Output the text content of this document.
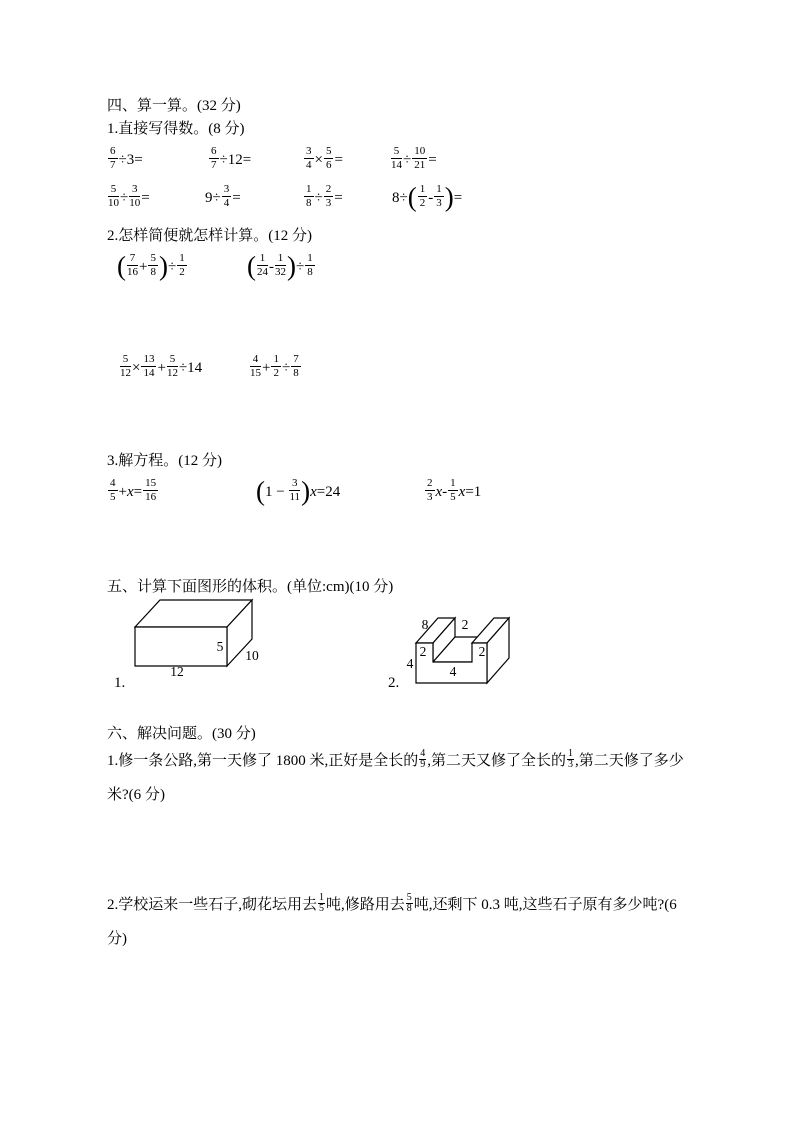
四、算一算。(32 分)
1.直接写得数。(8 分)
$\frac{6}{7} \div 3=$	$\frac{6}{7} \div 12=$	$\frac{3}{4} \times \frac{5}{6}$ =	$\frac{5}{14} \div \frac{10}{21}$ =
$\frac{5}{10} \div \frac{3}{10}$ =	$9\div \frac{3}{4}$ =	$\frac{1}{8} \div \frac{2}{3}$ =	$8\div( \frac{1}{2} - \frac{1}{3}$ )=
2.怎样简便就怎样计算。(12 分)
( $\frac{7}{16} + \frac{5}{8}$ )÷ $\frac{1}{2}$ ( $\frac{1}{24} - \frac{1}{32}$ )÷ $\frac{1}{8}$
$\frac{5}{12} \times \frac{13}{14} + \frac{5}{12} \div 14$	$\frac{4}{15} + \frac{1}{2} \div \frac{7}{8}$
3.解方程。(12 分)
$\frac{4}{5} +x= \frac{15}{16}$	$(1 - \frac{3}{11} )x=24$	$\frac{2}{3} x- \frac{1}{5} x=1$
五、计算下面图形的体积。(单位:cm)(10 分)
5
10
12
1.
8 2
2	2
4
4
2.
六、解决问题。(30 分)
1.修一条公路,第一天修了 1800 米,正好是全长的 $\frac{4}{9}$ ,第二天又修了全长的 $\frac{1}{3}$ ,第二天修了多少
米?(6 分)
2.学校运来一些石子,砌花坛用去 $\frac{1}{5}$ 吨,修路用去 $\frac{5}{8}$ 吨,还剩下 0.3 吨,这些石子原有多少吨?(6
分)
